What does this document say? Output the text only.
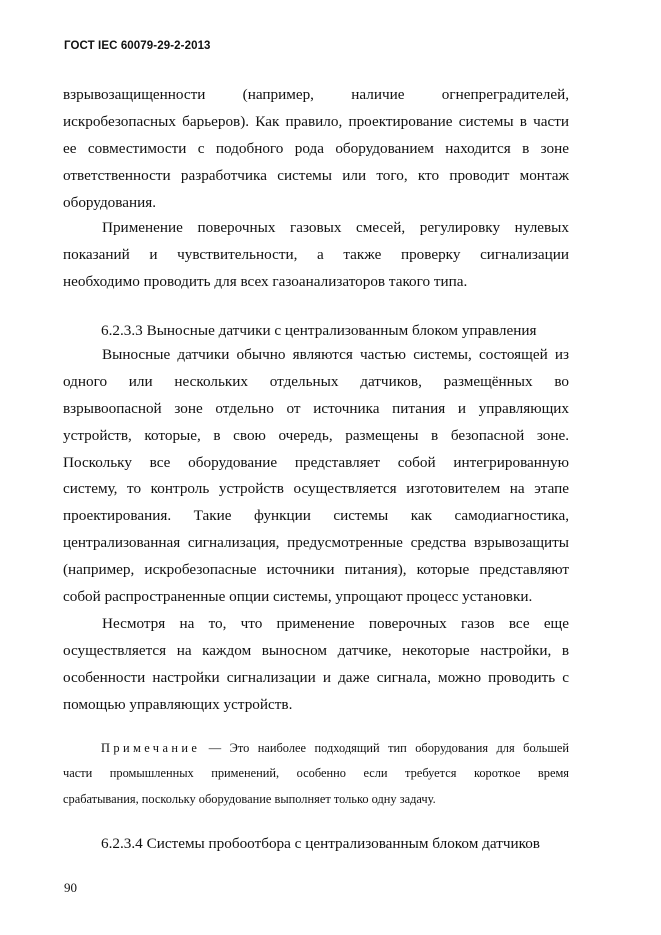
ГОСТ IEC 60079-29-2-2013
взрывозащищенности (например, наличие огнепреградителей,
искробезопасных барьеров). Как правило, проектирование системы в части
ее совместимости с подобного рода оборудованием находится в зоне
ответственности разработчика системы или того, кто проводит монтаж
оборудования.
Применение поверочных газовых смесей, регулировку нулевых
показаний и чувствительности, а также проверку сигнализации
необходимо проводить для всех газоанализаторов такого типа.
6.2.3.3 Выносные датчики с централизованным блоком управления
Выносные датчики обычно являются частью системы, состоящей из
одного или нескольких отдельных датчиков, размещённых во
взрывоопасной зоне отдельно от источника питания и управляющих
устройств, которые, в свою очередь, размещены в безопасной зоне.
Поскольку все оборудование представляет собой интегрированную
систему, то контроль устройств осуществляется изготовителем на этапе
проектирования. Такие функции системы как самодиагностика,
централизованная сигнализация, предусмотренные средства взрывозащиты
(например, искробезопасные источники питания), которые представляют
собой распространенные опции системы, упрощают процесс установки.
Несмотря на то, что применение поверочных газов все еще
осуществляется на каждом выносном датчике, некоторые настройки, в
особенности настройки сигнализации и даже сигнала, можно проводить с
помощью управляющих устройств.
Примечание — Это наиболее подходящий тип оборудования для большей
части промышленных применений, особенно если требуется короткое время
срабатывания, поскольку оборудование выполняет только одну задачу.
6.2.3.4 Системы пробоотбора с централизованным блоком датчиков
90
